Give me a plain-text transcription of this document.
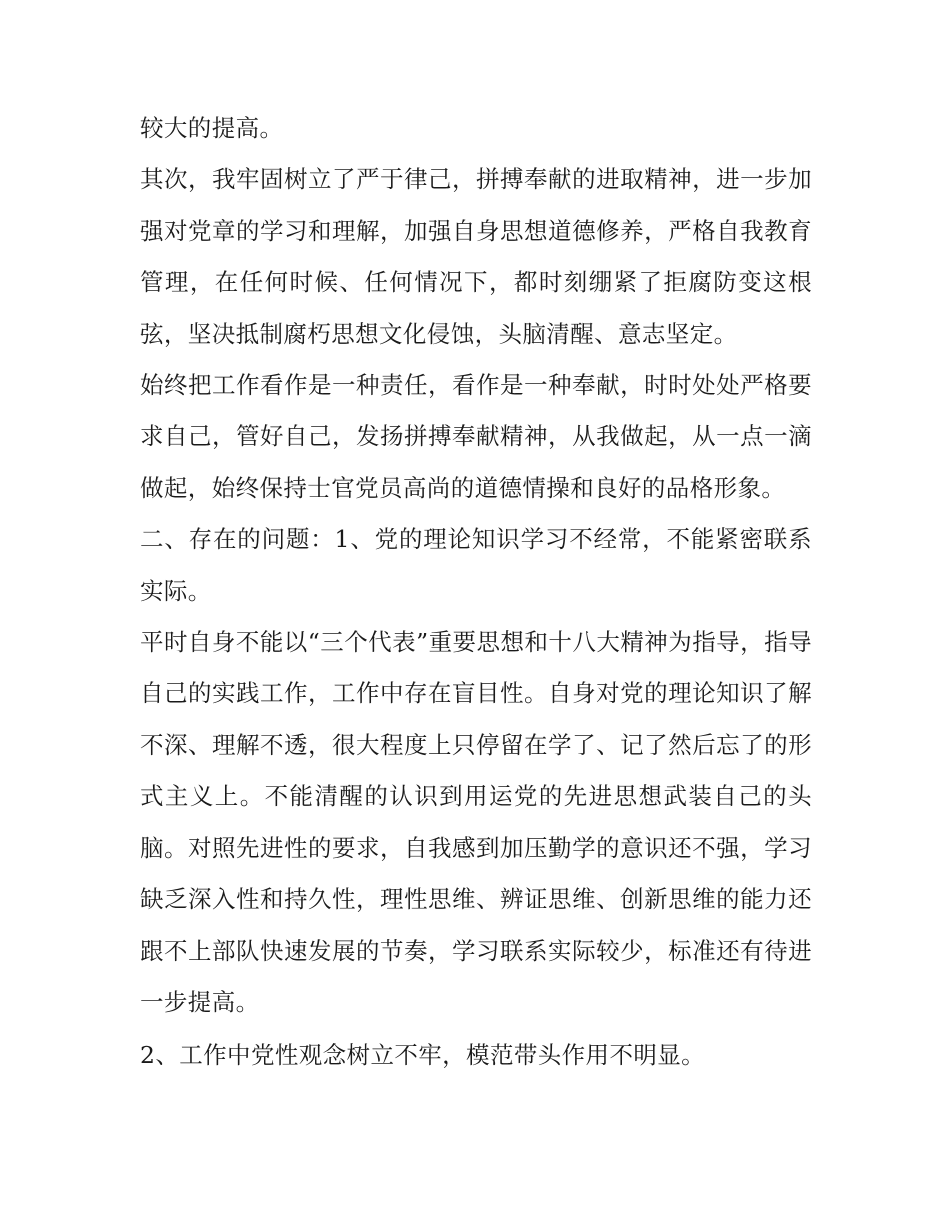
较大的提高。

其次，我牢固树立了严于律己，拼搏奉献的进取精神，进一步加强对党章的学习和理解，加强自身思想道德修养，严格自我教育管理，在任何时候、任何情况下，都时刻绷紧了拒腐防变这根弦，坚决抵制腐朽思想文化侵蚀，头脑清醒、意志坚定。

始终把工作看作是一种责任，看作是一种奉献，时时处处严格要求自己，管好自己，发扬拼搏奉献精神，从我做起，从一点一滴做起，始终保持士官党员高尚的道德情操和良好的品格形象。

二、存在的问题：1、党的理论知识学习不经常，不能紧密联系实际。

平时自身不能以“三个代表”重要思想和十八大精神为指导，指导自己的实践工作，工作中存在盲目性。自身对党的理论知识了解不深、理解不透，很大程度上只停留在学了、记了然后忘了的形式主义上。不能清醒的认识到用运党的先进思想武装自己的头脑。对照先进性的要求，自我感到加压勤学的意识还不强，学习缺乏深入性和持久性，理性思维、辨证思维、创新思维的能力还跟不上部队快速发展的节奏，学习联系实际较少，标准还有待进一步提高。

2、工作中党性观念树立不牢，模范带头作用不明显。
